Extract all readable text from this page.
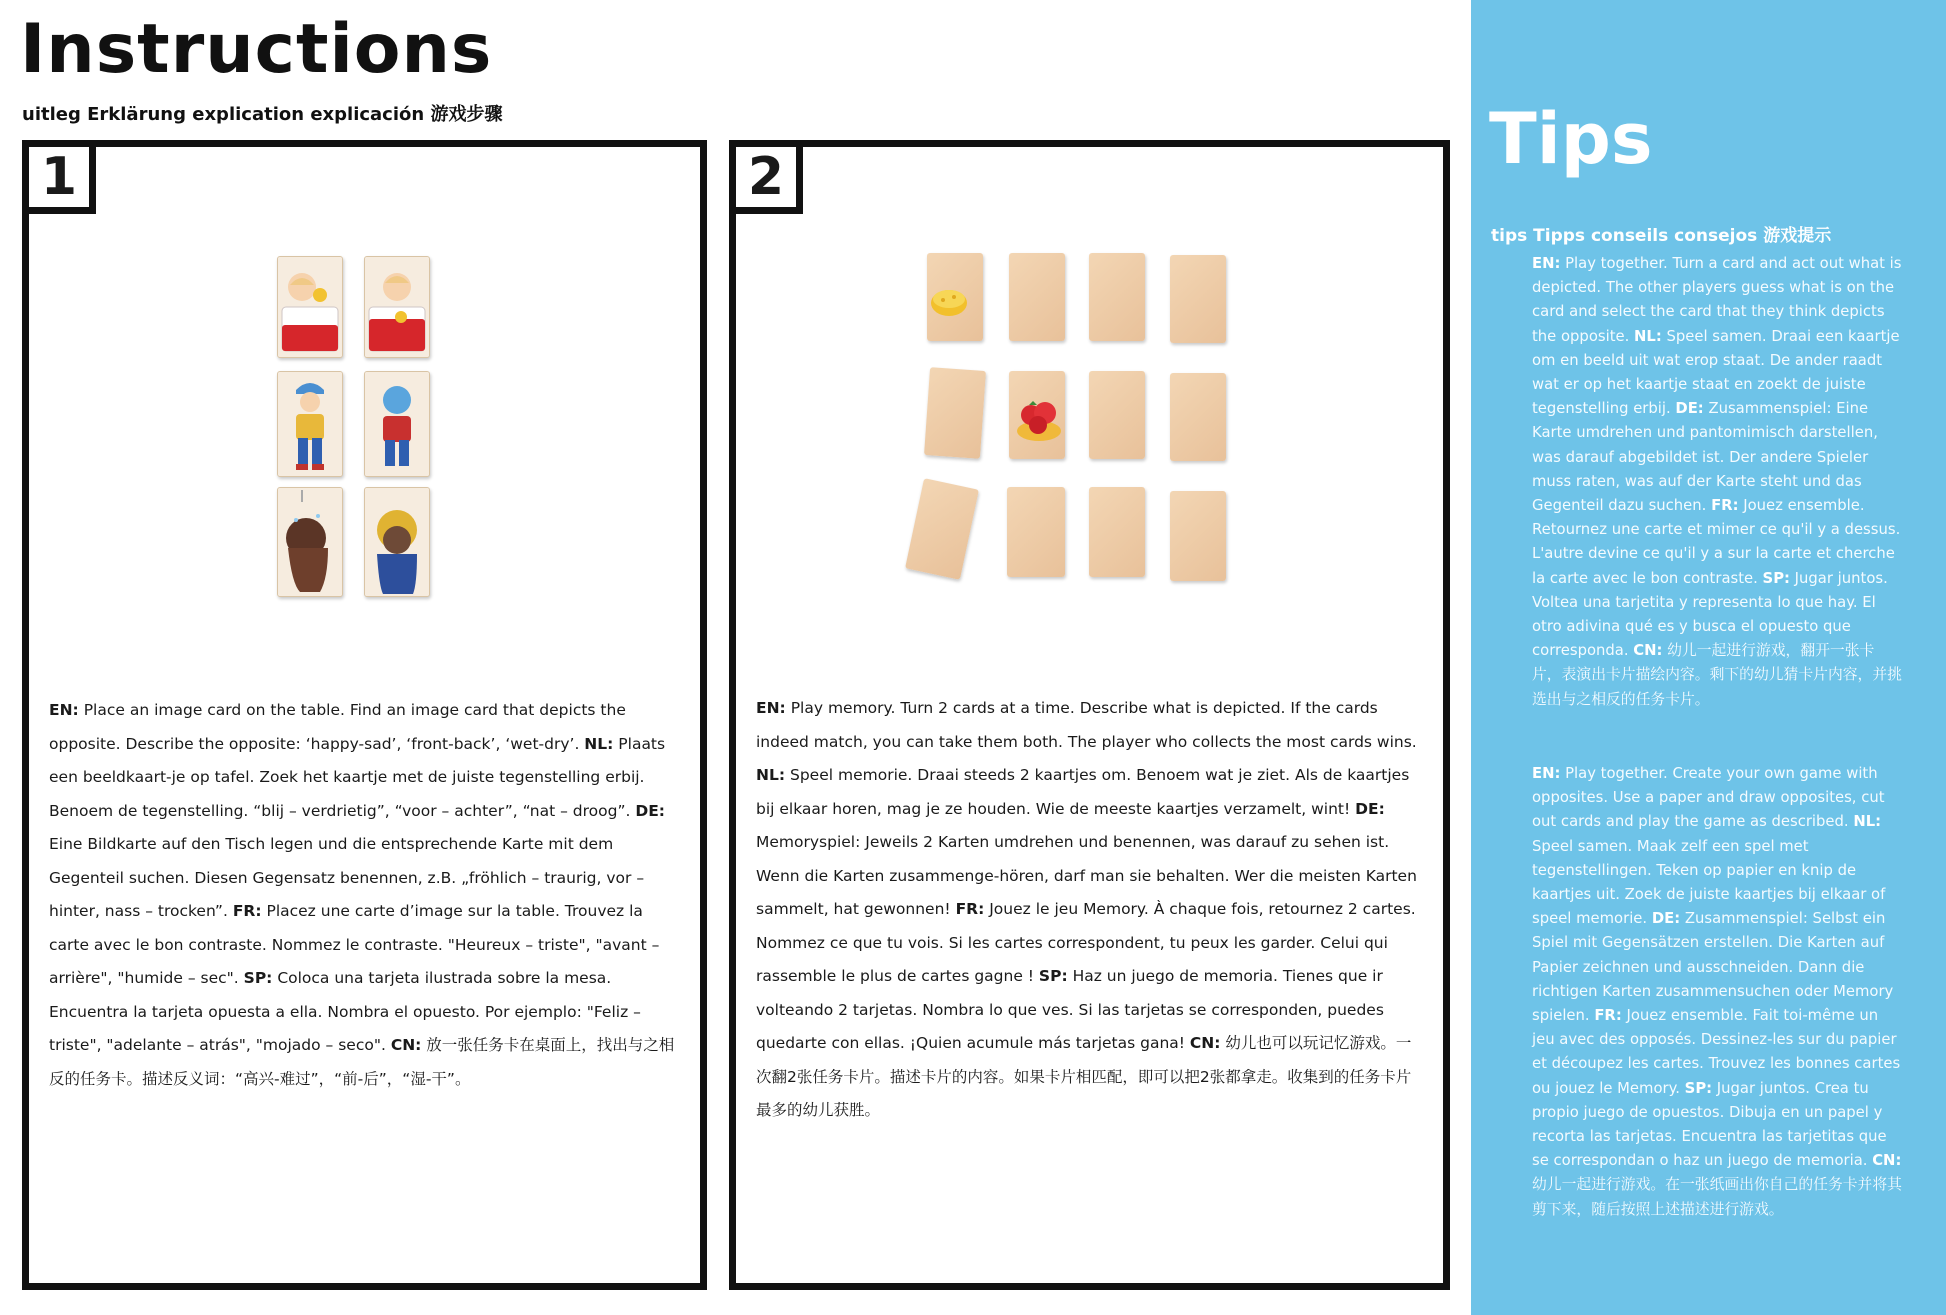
Instructions
uitleg Erklärung explication explicación 游戏步骤
1
EN: Place an image card on the table. Find an image card that depicts the opposite. Describe the opposite: ‘happy-sad’, ‘front-back’, ‘wet-dry’. NL: Plaats een beeldkaart-je op tafel. Zoek het kaartje met de juiste tegenstelling erbij. Benoem de tegenstelling. “blij – verdrietig”, “voor – achter”, “nat – droog”. DE: Eine Bildkarte auf den Tisch legen und die entsprechende Karte mit dem Gegenteil suchen. Diesen Gegensatz benennen, z.B. „fröhlich – traurig, vor – hinter, nass – trocken”. FR: Placez une carte d’image sur la table. Trouvez la carte avec le bon contraste. Nommez le contraste. "Heureux – triste", "avant – arrière", "humide – sec". SP: Coloca una tarjeta ilustrada sobre la mesa. Encuentra la tarjeta opuesta a ella. Nombra el opuesto. Por ejemplo: "Feliz – triste", "adelante – atrás", "mojado – seco". CN: 放一张任务卡在桌面上，找出与之相反的任务卡。描述反义词：“高兴-难过”，“前-后”，“湿-干”。
2
EN: Play memory. Turn 2 cards at a time. Describe what is depicted. If the cards indeed match, you can take them both. The player who collects the most cards wins. NL: Speel memorie. Draai steeds 2 kaartjes om. Benoem wat je ziet. Als de kaartjes bij elkaar horen, mag je ze houden. Wie de meeste kaartjes verzamelt, wint! DE: Memoryspiel: Jeweils 2 Karten umdrehen und benennen, was darauf zu sehen ist. Wenn die Karten zusammenge-hören, darf man sie behalten. Wer die meisten Karten sammelt, hat gewonnen! FR: Jouez le jeu Memory. À chaque fois, retournez 2 cartes. Nommez ce que tu vois. Si les cartes correspondent, tu peux les garder. Celui qui rassemble le plus de cartes gagne ! SP: Haz un juego de memoria. Tienes que ir volteando 2 tarjetas. Nombra lo que ves. Si las tarjetas se corresponden, puedes quedarte con ellas. ¡Quien acumule más tarjetas gana! CN: 幼儿也可以玩记忆游戏。一次翻2张任务卡片。描述卡片的内容。如果卡片相匹配，即可以把2张都拿走。收集到的任务卡片最多的幼儿获胜。
Tips
tips Tipps conseils consejos 游戏提示
EN: Play together. Turn a card and act out what is depicted. The other players guess what is on the card and select the card that they think depicts the opposite. NL: Speel samen. Draai een kaartje om en beeld uit wat erop staat. De ander raadt wat er op het kaartje staat en zoekt de juiste tegenstelling erbij. DE: Zusammenspiel: Eine Karte umdrehen und pantomimisch darstellen, was darauf abgebildet ist. Der andere Spieler muss raten, was auf der Karte steht und das Gegenteil dazu suchen. FR: Jouez ensemble. Retournez une carte et mimer ce qu'il y a dessus. L'autre devine ce qu'il y a sur la carte et cherche la carte avec le bon contraste. SP: Jugar juntos. Voltea una tarjetita y representa lo que hay. El otro adivina qué es y busca el opuesto que corresponda. CN: 幼儿一起进行游戏，翻开一张卡片，表演出卡片描绘内容。剩下的幼儿猜卡片内容，并挑选出与之相反的任务卡片。
EN: Play together. Create your own game with opposites. Use a paper and draw opposites, cut out cards and play the game as described. NL: Speel samen. Maak zelf een spel met tegenstellingen. Teken op papier en knip de kaartjes uit. Zoek de juiste kaartjes bij elkaar of speel memorie. DE: Zusammenspiel: Selbst ein Spiel mit Gegensätzen erstellen. Die Karten auf Papier zeichnen und ausschneiden. Dann die richtigen Karten zusammensuchen oder Memory spielen. FR: Jouez ensemble. Fait toi-même un jeu avec des opposés. Dessinez-les sur du papier et découpez les cartes. Trouvez les bonnes cartes ou jouez le Memory. SP: Jugar juntos. Crea tu propio juego de opuestos. Dibuja en un papel y recorta las tarjetas. Encuentra las tarjetitas que se correspondan o haz un juego de memoria. CN: 幼儿一起进行游戏。在一张纸画出你自己的任务卡并将其剪下来，随后按照上述描述进行游戏。
